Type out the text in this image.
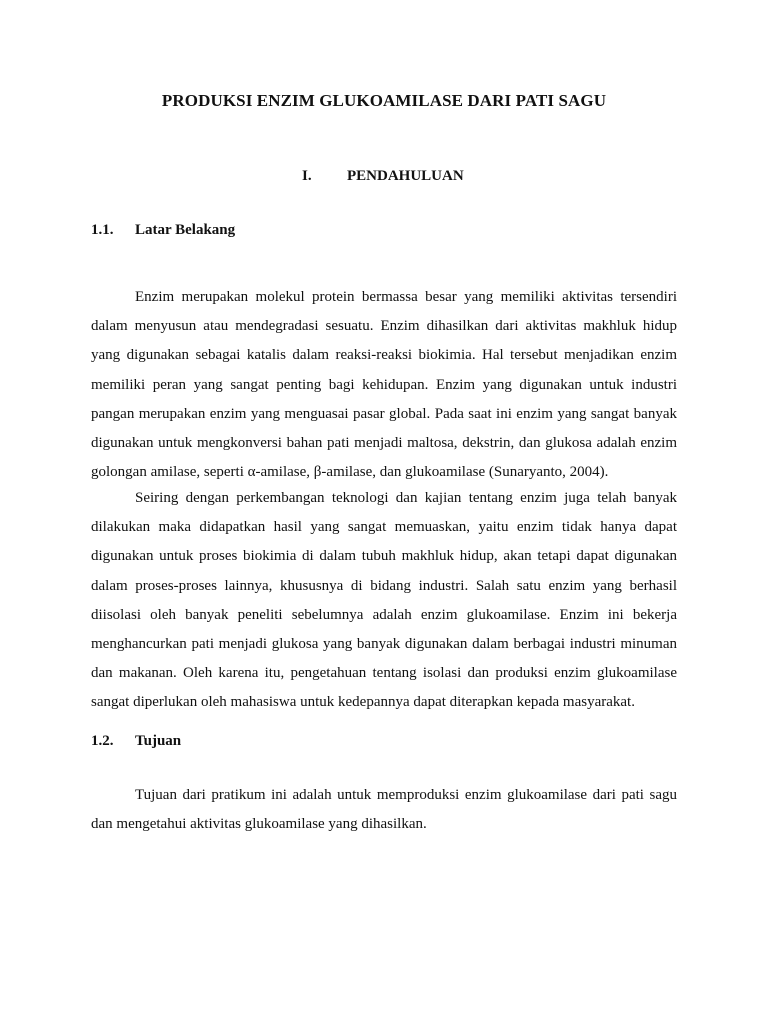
PRODUKSI ENZIM GLUKOAMILASE DARI PATI SAGU
I. PENDAHULUAN
1.1. Latar Belakang

Enzim merupakan molekul protein bermassa besar yang memiliki aktivitas tersendiri dalam menyusun atau mendegradasi sesuatu. Enzim dihasilkan dari aktivitas makhluk hidup yang digunakan sebagai katalis dalam reaksi-reaksi biokimia. Hal tersebut menjadikan enzim memiliki peran yang sangat penting bagi kehidupan. Enzim yang digunakan untuk industri pangan merupakan enzim yang menguasai pasar global. Pada saat ini enzim yang sangat banyak digunakan untuk mengkonversi bahan pati menjadi maltosa, dekstrin, dan glukosa adalah enzim golongan amilase, seperti α-amilase, β-amilase, dan glukoamilase (Sunaryanto, 2004).

Seiring dengan perkembangan teknologi dan kajian tentang enzim juga telah banyak dilakukan maka didapatkan hasil yang sangat memuaskan, yaitu enzim tidak hanya dapat digunakan untuk proses biokimia di dalam tubuh makhluk hidup, akan tetapi dapat digunakan dalam proses-proses lainnya, khususnya di bidang industri. Salah satu enzim yang berhasil diisolasi oleh banyak peneliti sebelumnya adalah enzim glukoamilase. Enzim ini bekerja menghancurkan pati menjadi glukosa yang banyak digunakan dalam berbagai industri minuman dan makanan. Oleh karena itu, pengetahuan tentang isolasi dan produksi enzim glukoamilase sangat diperlukan oleh mahasiswa untuk kedepannya dapat diterapkan kepada masyarakat.

1.2. Tujuan

Tujuan dari pratikum ini adalah untuk memproduksi enzim glukoamilase dari pati sagu dan mengetahui aktivitas glukoamilase yang dihasilkan.
